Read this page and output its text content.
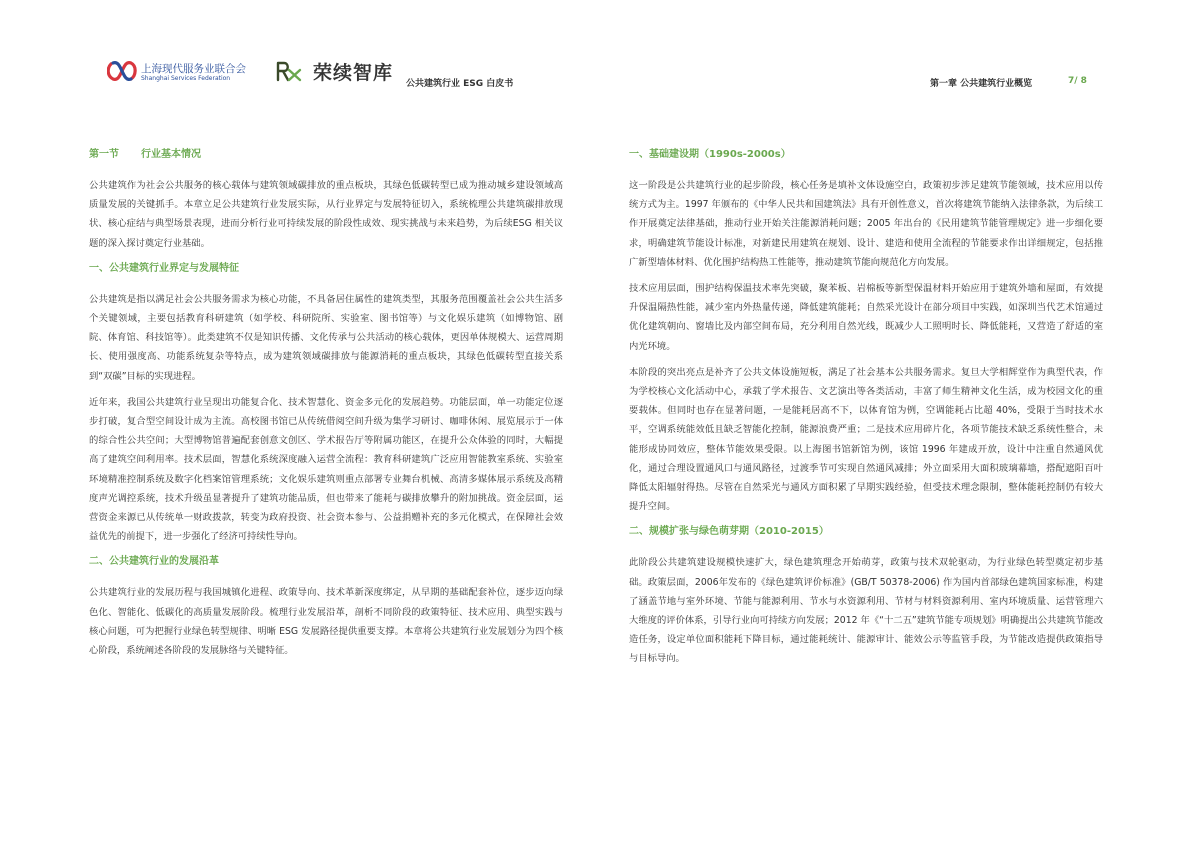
上海现代服务业联合会
Shanghai Services Federation	荣续智库 公共建筑行业 ESG 白皮书	第一章 公共建筑行业概览	7/ 8
第一节 行业基本情况
公共建筑作为社会公共服务的核心载体与建筑领域碳排放的重点板块，其绿色低碳转型已成为推动城乡建设领域高质量发展的关键抓手。本章立足公共建筑行业发展实际，从行业界定与发展特征切入，系统梳理公共建筑碳排放现状、核心症结与典型场景表现，进而分析行业可持续发展的阶段性成效、现实挑战与未来趋势，为后续ESG 相关议题的深入探讨奠定行业基础。
一、公共建筑行业界定与发展特征
公共建筑是指以满足社会公共服务需求为核心功能，不具备居住属性的建筑类型，其服务范围覆盖社会公共生活多个关键领域，主要包括教育科研建筑（如学校、科研院所、实验室、图书馆等）与文化娱乐建筑（如博物馆、剧院、体育馆、科技馆等）。此类建筑不仅是知识传播、文化传承与公共活动的核心载体，更因单体规模大、运营周期长、使用强度高、功能系统复杂等特点，成为建筑领域碳排放与能源消耗的重点板块，其绿色低碳转型直接关系到“双碳”目标的实现进程。
近年来，我国公共建筑行业呈现出功能复合化、技术智慧化、资金多元化的发展趋势。功能层面，单一功能定位逐步打破，复合型空间设计成为主流。高校图书馆已从传统借阅空间升级为集学习研讨、咖啡休闲、展览展示于一体的综合性公共空间；大型博物馆普遍配套创意文创区、学术报告厅等附属功能区，在提升公众体验的同时，大幅提高了建筑空间利用率。技术层面，智慧化系统深度融入运营全流程：教育科研建筑广泛应用智能教室系统、实验室环境精准控制系统及数字化档案馆管理系统；文化娱乐建筑则重点部署专业舞台机械、高清多媒体展示系统及高精度声光调控系统，技术升级虽显著提升了建筑功能品质，但也带来了能耗与碳排放攀升的附加挑战。资金层面，运营资金来源已从传统单一财政拨款，转变为政府投资、社会资本参与、公益捐赠补充的多元化模式，在保障社会效益优先的前提下，进一步强化了经济可持续性导向。
二、公共建筑行业的发展沿革
公共建筑行业的发展历程与我国城镇化进程、政策导向、技术革新深度绑定，从早期的基础配套补位，逐步迈向绿色化、智能化、低碳化的高质量发展阶段。梳理行业发展沿革，剖析不同阶段的政策特征、技术应用、典型实践与核心问题，可为把握行业绿色转型规律、明晰 ESG 发展路径提供重要支撑。本章将公共建筑行业发展划分为四个核心阶段，系统阐述各阶段的发展脉络与关键特征。
一、基础建设期（1990s-2000s）
这一阶段是公共建筑行业的起步阶段，核心任务是填补文体设施空白，政策初步涉足建筑节能领域，技术应用以传统方式为主。1997 年颁布的《中华人民共和国建筑法》具有开创性意义，首次将建筑节能纳入法律条款，为后续工作开展奠定法律基础，推动行业开始关注能源消耗问题；2005 年出台的《民用建筑节能管理规定》进一步细化要求，明确建筑节能设计标准，对新建民用建筑在规划、设计、建造和使用全流程的节能要求作出详细规定，包括推广新型墙体材料、优化围护结构热工性能等，推动建筑节能向规范化方向发展。
技术应用层面，围护结构保温技术率先突破，聚苯板、岩棉板等新型保温材料开始应用于建筑外墙和屋面，有效提升保温隔热性能，减少室内外热量传递，降低建筑能耗；自然采光设计在部分项目中实践，如深圳当代艺术馆通过优化建筑朝向、窗墙比及内部空间布局，充分利用自然光线，既减少人工照明时长、降低能耗，又营造了舒适的室内光环境。
本阶段的突出亮点是补齐了公共文体设施短板，满足了社会基本公共服务需求。复旦大学相辉堂作为典型代表，作为学校核心文化活动中心，承载了学术报告、文艺演出等各类活动，丰富了师生精神文化生活，成为校园文化的重要载体。但同时也存在显著问题，一是能耗居高不下，以体育馆为例，空调能耗占比超 40%，受限于当时技术水平，空调系统能效低且缺乏智能化控制，能源浪费严重；二是技术应用碎片化，各项节能技术缺乏系统性整合，未能形成协同效应，整体节能效果受限。以上海图书馆新馆为例，该馆 1996 年建成开放，设计中注重自然通风优化，通过合理设置通风口与通风路径，过渡季节可实现自然通风减排；外立面采用大面积玻璃幕墙，搭配遮阳百叶降低太阳辐射得热。尽管在自然采光与通风方面积累了早期实践经验，但受技术理念限制，整体能耗控制仍有较大提升空间。
二、规模扩张与绿色萌芽期（2010-2015）
此阶段公共建筑建设规模快速扩大，绿色建筑理念开始萌芽，政策与技术双轮驱动，为行业绿色转型奠定初步基础。政策层面，2006年发布的《绿色建筑评价标准》(GB/T 50378-2006) 作为国内首部绿色建筑国家标准，构建了涵盖节地与室外环境、节能与能源利用、节水与水资源利用、节材与材料资源利用、室内环境质量、运营管理六大维度的评价体系，引导行业向可持续方向发展；2012 年《“十二五”建筑节能专项规划》明确提出公共建筑节能改造任务，设定单位面积能耗下降目标，通过能耗统计、能源审计、能效公示等监管手段，为节能改造提供政策指导与目标导向。
